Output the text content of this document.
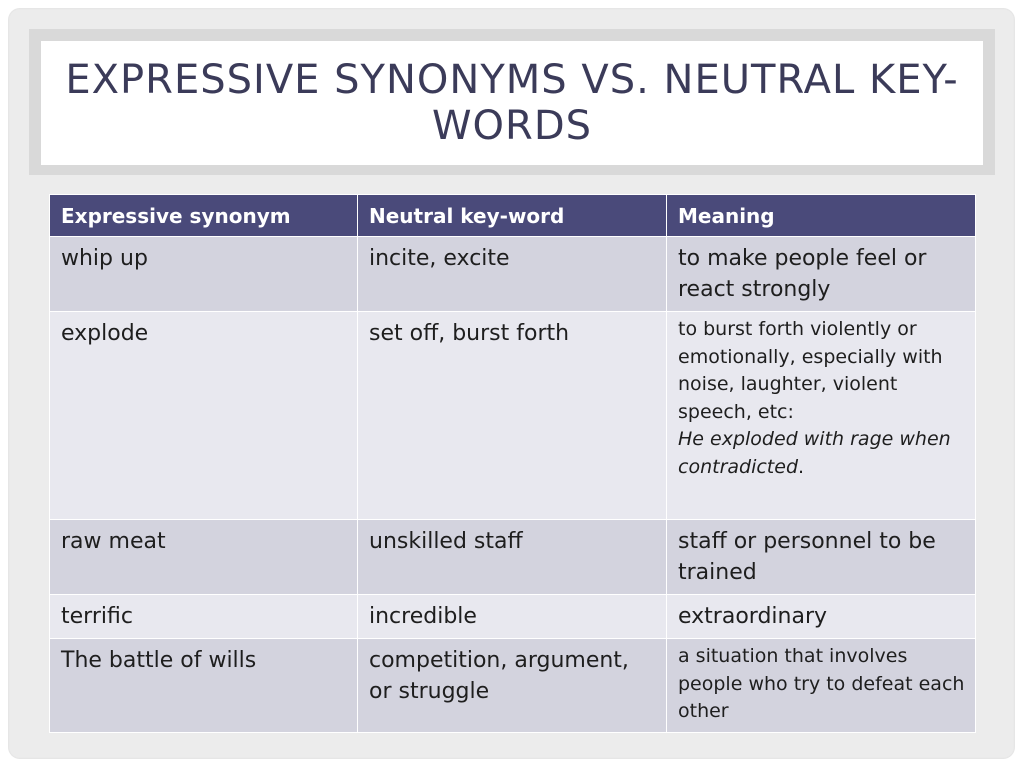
EXPRESSIVE SYNONYMS VS. NEUTRAL KEY-WORDS
Expressive synonym	Neutral key-word	Meaning
whip up	incite, excite	to make people feel or react strongly
explode	set off, burst forth	to burst forth violently or emotionally, especially with noise, laughter, violent speech, etc:
He exploded with rage when contradicted.
raw meat	unskilled staff	staff or personnel to be trained
terrific	incredible	extraordinary
The battle of wills	competition, argument, or struggle	a situation that involves people who try to defeat each other
